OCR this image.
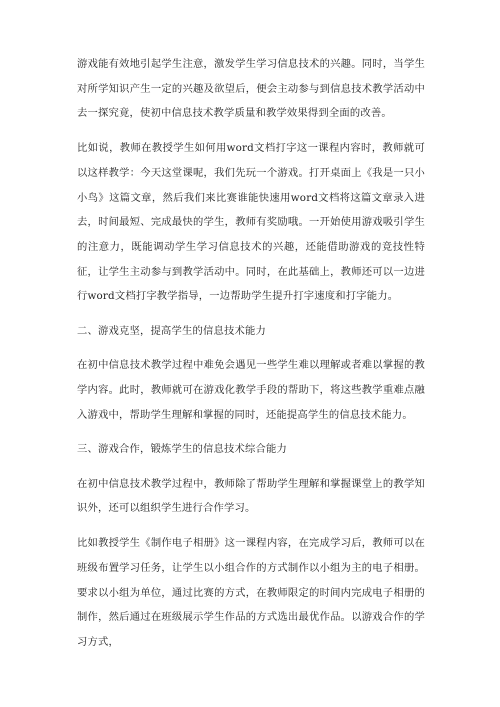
游戏能有效地引起学生注意，激发学生学习信息技术的兴趣。同时，当学生对所学知识产生一定的兴趣及欲望后，便会主动参与到信息技术教学活动中去一探究竟，使初中信息技术教学质量和教学效果得到全面的改善。

比如说，教师在教授学生如何用word文档打字这一课程内容时，教师就可以这样教学：今天这堂课呢，我们先玩一个游戏。打开桌面上《我是一只小小鸟》这篇文章，然后我们来比赛谁能快速用word文档将这篇文章录入进去，时间最短、完成最快的学生，教师有奖励哦。一开始使用游戏吸引学生的注意力，既能调动学生学习信息技术的兴趣，还能借助游戏的竞技性特征，让学生主动参与到教学活动中。同时，在此基础上，教师还可以一边进行word文档打字教学指导，一边帮助学生提升打字速度和打字能力。

二、游戏克坚，提高学生的信息技术能力

在初中信息技术教学过程中难免会遇见一些学生难以理解或者难以掌握的教学内容。此时，教师就可在游戏化教学手段的帮助下，将这些教学重难点融入游戏中，帮助学生理解和掌握的同时，还能提高学生的信息技术能力。

三、游戏合作，锻炼学生的信息技术综合能力

在初中信息技术教学过程中，教师除了帮助学生理解和掌握课堂上的教学知识外，还可以组织学生进行合作学习。

比如教授学生《制作电子相册》这一课程内容，在完成学习后，教师可以在班级布置学习任务，让学生以小组合作的方式制作以小组为主的电子相册。要求以小组为单位，通过比赛的方式，在教师限定的时间内完成电子相册的制作，然后通过在班级展示学生作品的方式选出最优作品。以游戏合作的学习方式，
